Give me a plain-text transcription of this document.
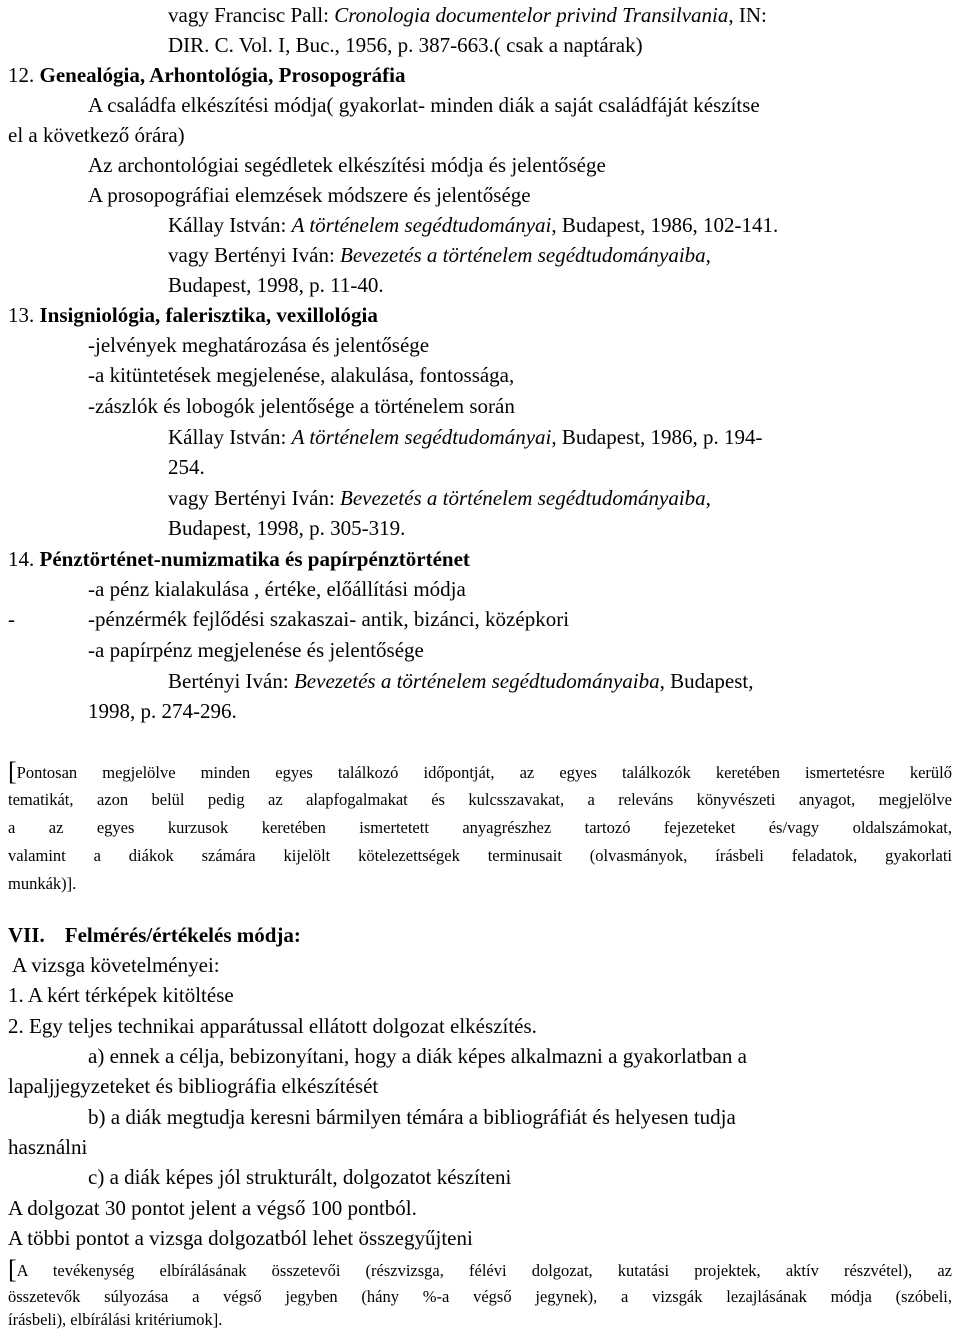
vagy Francisc Pall: Cronologia documentelor privind Transilvania, IN:
DIR. C. Vol. I, Buc., 1956, p. 387-663.( csak a naptárak)
12. Genealógia, Arhontológia, Prosopográfia
A családfa elkészítési módja( gyakorlat- minden diák a saját családfáját készítse
el a következő órára)
Az archontológiai segédletek elkészítési módja és jelentősége
A prosopográfiai elemzések módszere és jelentősége
Kállay István: A történelem segédtudományai, Budapest, 1986, 102-141.
vagy Bertényi Iván: Bevezetés a történelem segédtudományaiba,
Budapest, 1998, p. 11-40.
13. Insigniológia, falerisztika, vexillológia
-jelvények meghatározása és jelentősége
-a kitüntetések megjelenése, alakulása, fontossága,
-zászlók és lobogók jelentősége a történelem során
Kállay István: A történelem segédtudományai, Budapest, 1986, p. 194-
254.
vagy Bertényi Iván: Bevezetés a történelem segédtudományaiba,
Budapest, 1998, p. 305-319.
14. Pénztörténet-numizmatika és papírpénztörténet
-a pénz kialakulása , értéke, előállítási módja
-	-pénzérmék fejlődési szakaszai- antik, bizánci, középkori
-a papírpénz megjelenése és jelentősége
Bertényi Iván: Bevezetés a történelem segédtudományaiba, Budapest,
1998, p. 274-296.
[Pontosan megjelölve minden egyes találkozó időpontját, az egyes találkozók keretében ismertetésre kerülő
tematikát, azon belül pedig az alapfogalmakat és kulcsszavakat, a releváns könyvészeti anyagot, megjelölve
a az egyes kurzusok keretében ismertetett anyagrészhez tartozó fejezeteket és/vagy oldalszámokat,
valamint a diákok számára kijelölt kötelezettségek terminusait (olvasmányok, írásbeli feladatok, gyakorlati
munkák)].
VII. Felmérés/értékelés módja:
A vizsga követelményei:
1. A kért térképek kitöltése
2. Egy teljes technikai apparátussal ellátott dolgozat elkészítés.
a) ennek a célja, bebizonyítani, hogy a diák képes alkalmazni a gyakorlatban a
lapaljjegyzeteket és bibliográfia elkészítését
b) a diák megtudja keresni bármilyen témára a bibliográfiát és helyesen tudja
használni
c) a diák képes jól strukturált, dolgozatot készíteni
A dolgozat 30 pontot jelent a végső 100 pontból.
A többi pontot a vizsga dolgozatból lehet összegyűjteni
[A tevékenység elbírálásának összetevői (részvizsga, félévi dolgozat, kutatási projektek, aktív részvétel), az
összetevők súlyozása a végső jegyben (hány %-a végső jegynek), a vizsgák lezajlásának módja (szóbeli,
írásbeli), elbírálási kritériumok].
